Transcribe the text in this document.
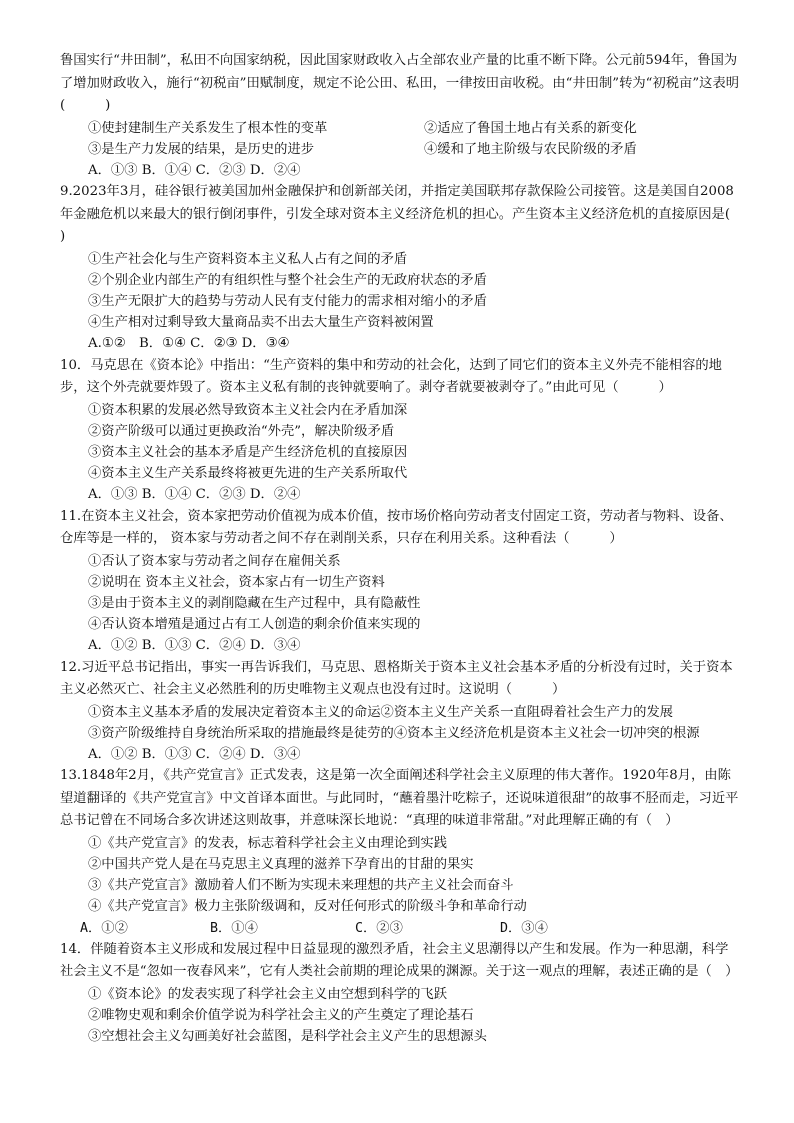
鲁国实行“井田制”，私田不向国家纳税，因此国家财政收入占全部农业产量的比重不断下降。公元前594年，鲁国为了增加财政收入，施行“初税亩”田赋制度，规定不论公田、私田，一律按田亩收税。由“井田制”转为“初税亩”这表明(　　　)

①使封建制生产关系发生了根本性的变革	②适应了鲁国土地占有关系的新变化
③是生产力发展的结果，是历史的进步	④缓和了地主阶级与农民阶级的矛盾

A．①③ B．①④ C．②③ D．②④

9.2023年3月，硅谷银行被美国加州金融保护和创新部关闭，并指定美国联邦存款保险公司接管。这是美国自2008年金融危机以来最大的银行倒闭事件，引发全球对资本主义经济危机的担心。产生资本主义经济危机的直接原因是(　　　)

①生产社会化与生产资料资本主义私人占有之间的矛盾

②个别企业内部生产的有组织性与整个社会生产的无政府状态的矛盾

③生产无限扩大的趋势与劳动人民有支付能力的需求相对缩小的矛盾

④生产相对过剩导致大量商品卖不出去大量生产资料被闲置

A.①②　B．①④ C．②③ D．③④

10．马克思在《资本论》中指出：“生产资料的集中和劳动的社会化，达到了同它们的资本主义外壳不能相容的地步，这个外壳就要炸毁了。资本主义私有制的丧钟就要响了。剥夺者就要被剥夺了。”由此可见（　　　）

①资本积累的发展必然导致资本主义社会内在矛盾加深

②资产阶级可以通过更换政治“外壳”，解决阶级矛盾

③资本主义社会的基本矛盾是产生经济危机的直接原因

④资本主义生产关系最终将被更先进的生产关系所取代

A．①③ B．①④ C．②③ D．②④

11.在资本主义社会，资本家把劳动价值视为成本价值，按市场价格向劳动者支付固定工资，劳动者与物料、设备、仓库等是一样的， 资本家与劳动者之间不存在剥削关系，只存在利用关系。这种看法（　　　）

①否认了资本家与劳动者之间存在雇佣关系

②说明在 资本主义社会，资本家占有一切生产资料

③是由于资本主义的剥削隐藏在生产过程中，具有隐蔽性

④否认资本增殖是通过占有工人创造的剩余价值来实现的

A．①② B．①③ C．②④ D．③④

12.习近平总书记指出，事实一再告诉我们，马克思、恩格斯关于资本主义社会基本矛盾的分析没有过时，关于资本主义必然灭亡、社会主义必然胜利的历史唯物主义观点也没有过时。这说明（　　　）

①资本主义基本矛盾的发展决定着资本主义的命运②资本主义生产关系一直阻碍着社会生产力的发展

③资产阶级维持自身统治所采取的措施最终是徒劳的④资本主义经济危机是资本主义社会一切冲突的根源

A．①② B．①③ C．②④ D．③④

13.1848年2月，《共产党宣言》正式发表，这是第一次全面阐述科学社会主义原理的伟大著作。1920年8月，由陈望道翻译的《共产党宣言》中文首译本面世。与此同时，“蘸着墨汁吃粽子，还说味道很甜”的故事不胫而走，习近平总书记曾在不同场合多次讲述这则故事，并意味深长地说：“真理的味道非常甜。”对此理解正确的有（　）

①《共产党宣言》的发表，标志着科学社会主义由理论到实践

②中国共产党人是在马克思主义真理的滋养下孕育出的甘甜的果实

③《共产党宣言》激励着人们不断为实现未来理想的共产主义社会而奋斗

④《共产党宣言》极力主张阶级调和，反对任何形式的阶级斗争和革命行动

A．①②	B．①④	C．②③	D．③④

14．伴随着资本主义形成和发展过程中日益显现的激烈矛盾，社会主义思潮得以产生和发展。作为一种思潮，科学社会主义不是“忽如一夜春风来”，它有人类社会前期的理论成果的渊源。关于这一观点的理解，表述正确的是（　）

①《资本论》的发表实现了科学社会主义由空想到科学的飞跃

②唯物史观和剩余价值学说为科学社会主义的产生奠定了理论基石

③空想社会主义勾画美好社会蓝图，是科学社会主义产生的思想源头
